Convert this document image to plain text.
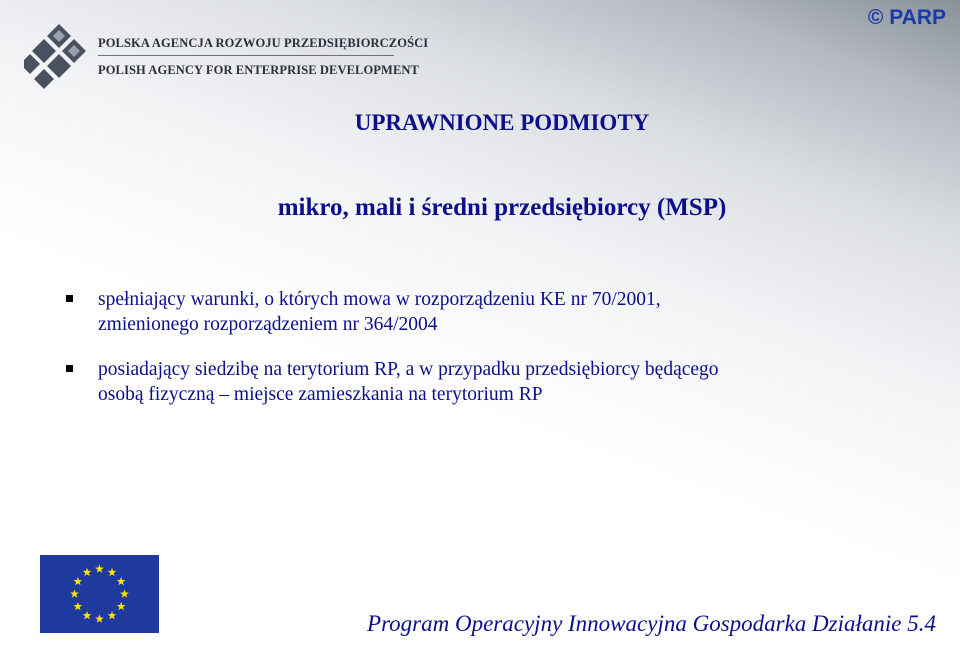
© PARP
POLSKA AGENCJA ROZWOJU PRZEDSIĘBIORCZOŚCI
POLISH AGENCY FOR ENTERPRISE DEVELOPMENT
UPRAWNIONE PODMIOTY
mikro, mali i średni przedsiębiorcy (MSP)
spełniający warunki, o których mowa w rozporządzeniu KE nr 70/2001,
zmienionego rozporządzeniem nr 364/2004
posiadający siedzibę na terytorium RP, a w przypadku przedsiębiorcy będącego
osobą fizyczną – miejsce zamieszkania na terytorium RP
Program Operacyjny Innowacyjna Gospodarka Działanie 5.4
